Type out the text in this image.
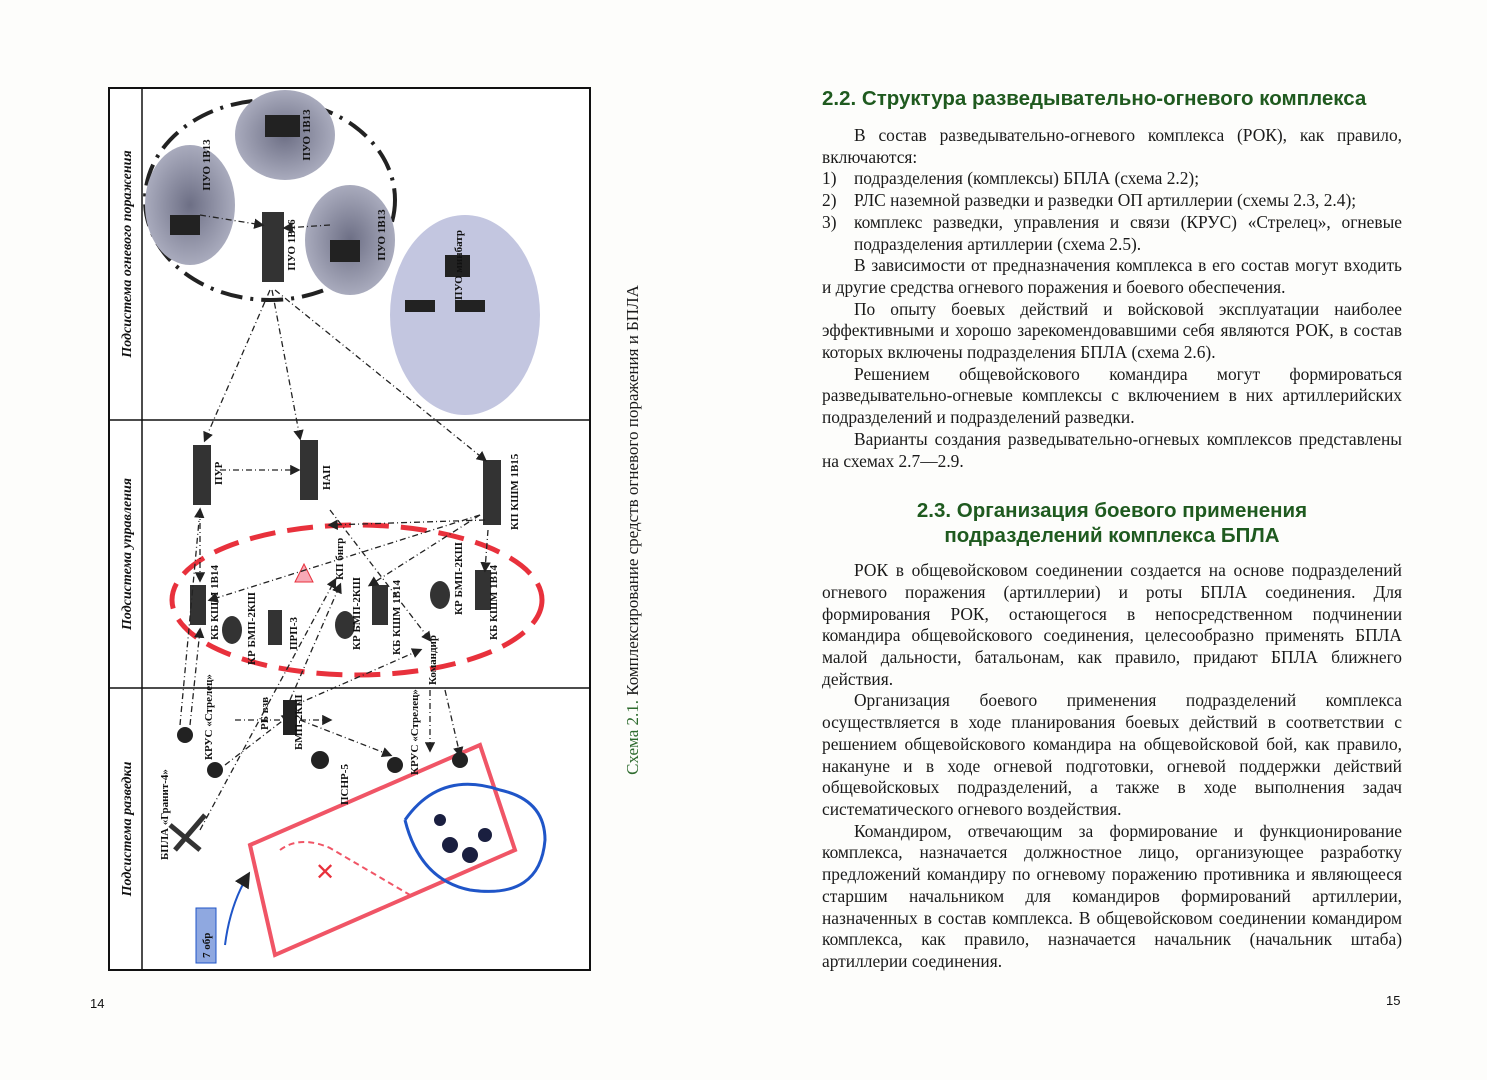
Подсистема огневого поражения
Подсистема управления
Подсистема разведки
ПУО 1В16
ПУО 1В13
ПУО 1В13
ПУО 1В13	ПУО минбатр
ПУР	НАП	КП КШМ 1В15
КБ КШМ 1В14	КБ КШМ 1В14	КБ КШМ 1В14
КР БМП-2КШ	КР БМП-2КШ	КР БМП-2КШ
ПРП-3
КП бнгр
Командир
✕
7 обр
БПЛА «Гранит-4»
КРУС «Стрелец»	КРУС «Стрелец»
РБ взв БМП-2КШ
ПСНР-5
Схема 2.1. Комплексирование средств огневого поражения и БПЛА
14	15
2.2. Структура разведывательно-огневого комплекса

В состав разведывательно-огневого комплекса (РОК), как правило, включаются:

1)	подразделения (комплексы) БПЛА (схема 2.2);
2)	РЛС наземной разведки и разведки ОП артиллерии (схемы 2.3, 2.4);
3)	комплекс разведки, управления и связи (КРУС) «Стрелец», огневые подразделения артиллерии (схема 2.5).

В зависимости от предназначения комплекса в его состав могут входить и другие средства огневого поражения и боевого обеспечения.

По опыту боевых действий и войсковой эксплуатации наиболее эффективными и хорошо зарекомендовавшими себя являются РОК, в состав которых включены подразделения БПЛА (схема 2.6).

Решением общевойскового командира могут формироваться разведывательно-огневые комплексы с включением в них артиллерийских подразделений и подразделений разведки.

Варианты создания разведывательно-огневых комплексов представлены на схемах 2.7—2.9.

2.3. Организация боевого применения
подразделений комплекса БПЛА

РОК в общевойсковом соединении создается на основе подразделений огневого поражения (артиллерии) и роты БПЛА соединения. Для формирования РОК, остающегося в непосредственном подчинении командира общевойскового соединения, целесообразно применять БПЛА малой дальности, батальонам, как правило, придают БПЛА ближнего действия.

Организация боевого применения подразделений комплекса осуществляется в ходе планирования боевых действий в соответствии с решением общевойскового командира на общевойсковой бой, как правило, накануне и в ходе огневой подготовки, огневой поддержки действий общевойсковых подразделений, а также в ходе выполнения задач систематического огневого воздействия.

Командиром, отвечающим за формирование и функционирование комплекса, назначается должностное лицо, организующее разработку предложений командиру по огневому поражению противника и являющееся старшим начальником для командиров формирований артиллерии, назначенных в состав комплекса. В общевойсковом соединении командиром комплекса, как правило, назначается начальник (начальник штаба) артиллерии соединения.
